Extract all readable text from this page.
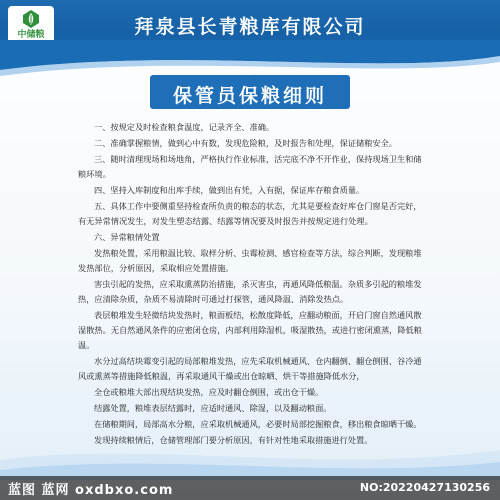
中储粮	拜泉县长青粮库有限公司
保管员保粮细则

一、按规定及时检查粮食温度，记录齐全、准确。

二、准确掌握粮情，做到心中有数，发现危险粮，及时报告和处理，保证储粮安全。

三、随时清理现场和场地角，严格执行作业标准，活完底不净不开作业，保持现场卫生和储粮环境。

四、坚持入库制度和出库手续，做到出有凭，入有据，保证库存粮食质量。

五、具体工作中要侧重坚持检查所负责的粮态的状态，尤其是要检查好库仓门窗是否完好，有无异常情况发生，对发生塑态结露、结露等情况要及时报告并按规定进行处理。

六、异常粮情处置

发热粮处置，采用粮温比较、取样分析、虫霉检测、感官检查等方法，综合判断，发现粮堆发热部位，分析原因，采取相应处置措施。

害虫引起的发热，应采取熏蒸防治措施，杀灭害虫，再通风降低粮温。杂质多引起的粮堆发热，应清除杂质，杂质不易清除时可通过打探管，通风降温、消除发热点。

表层粮堆发生轻微结块发热时，粮面板结，松散度降低，应翻动粮面，开启门窗自然通风散湿散热。无自然通风条件的应密闭仓房，内部利用除湿机，吸湿散热，或进行密闭熏蒸，降低粮温。

水分过高结块霉变引起的局部粮堆发热，应先采取机械通风、仓内翻倒、翻仓倒围、谷冷通风或熏蒸等措施降低粮温，再采取通风干燥或出仓晾晒、烘干等措施降低水分，

全仓或粮堆大部出现结块发热，应及时翻仓倒围，或出仓干燥。

结露处置，粮堆表层结露时，应适时通风、除湿，以及翻动粮面。

在储粮期间，局部高水分粮，应采取机械通风，必要时局部挖掘粮食，移出粮食晾晒干燥。

发现持续粮情后，仓储管理部门要分析原因，有针对性地采取措施进行处置。

蓝图 蓝网 oxdbxo.com	NO:20220427130256
